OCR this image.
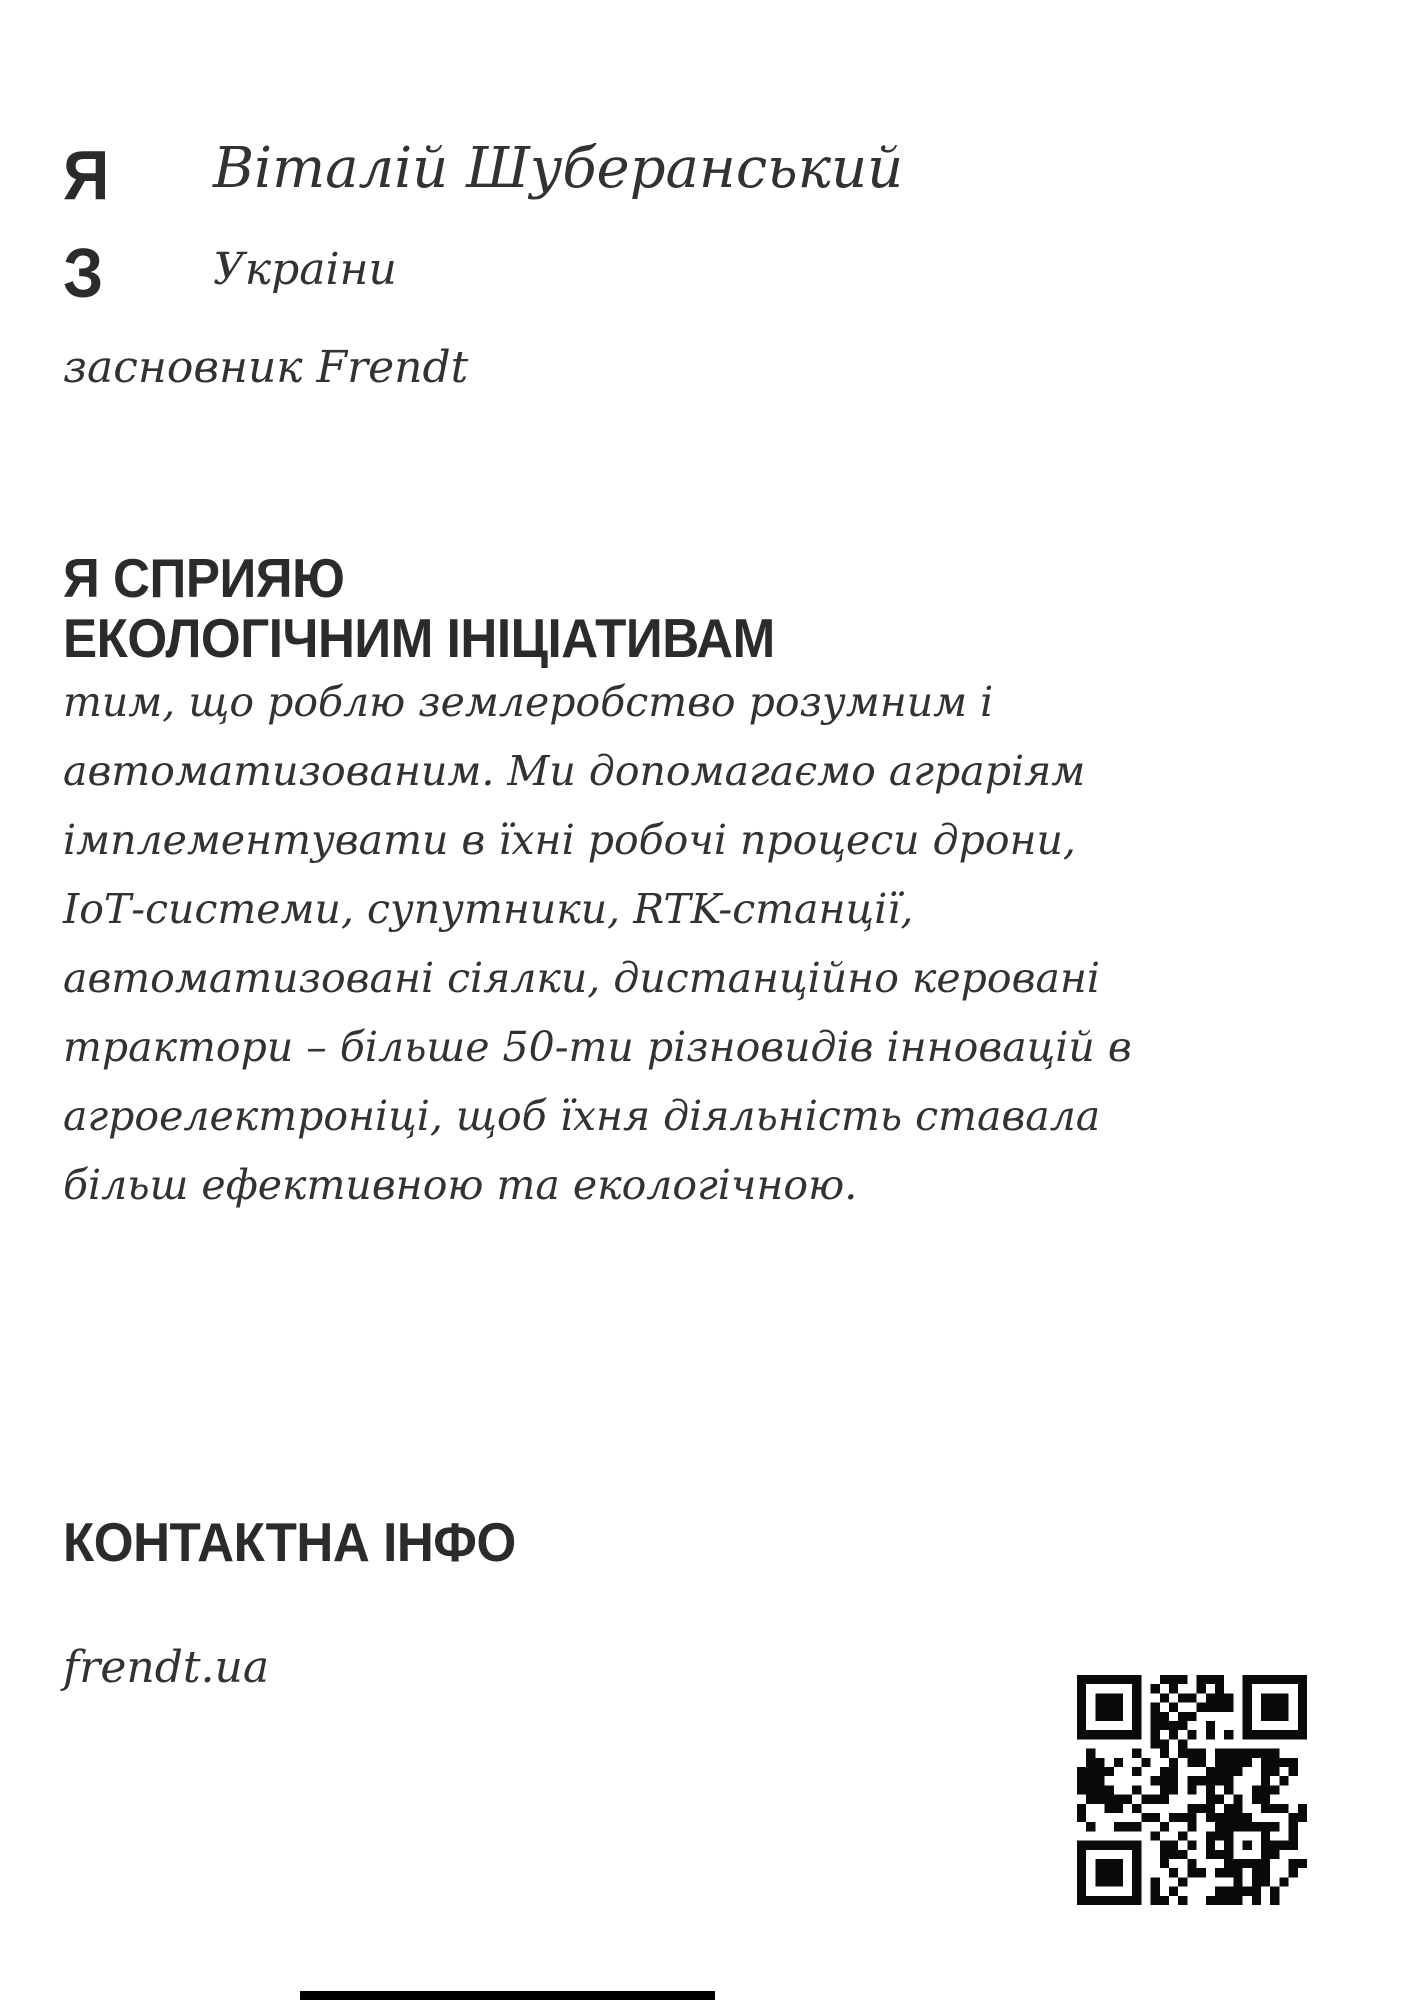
Я Віталій Шуберанський
З	Украіни
засновник Frendt
Я СПРИЯЮ
ЕКОЛОГІЧНИМ ІНІЦІАТИВАМ
тим, що роблю землеробство розумним і
автоматизованим. Ми допомагаємо аграріям
імплементувати в їхні робочі процеси дрони,
ІоТ-системи, супутники, RTK-станції,
автоматизовані сіялки, дистанційно керовані
трактори – більше 50-ти різновидів інновацій в
агроелектроніці, щоб їхня діяльність ставала
більш ефективною та екологічною.
КОНТАКТНА ІНФО
frendt.ua
